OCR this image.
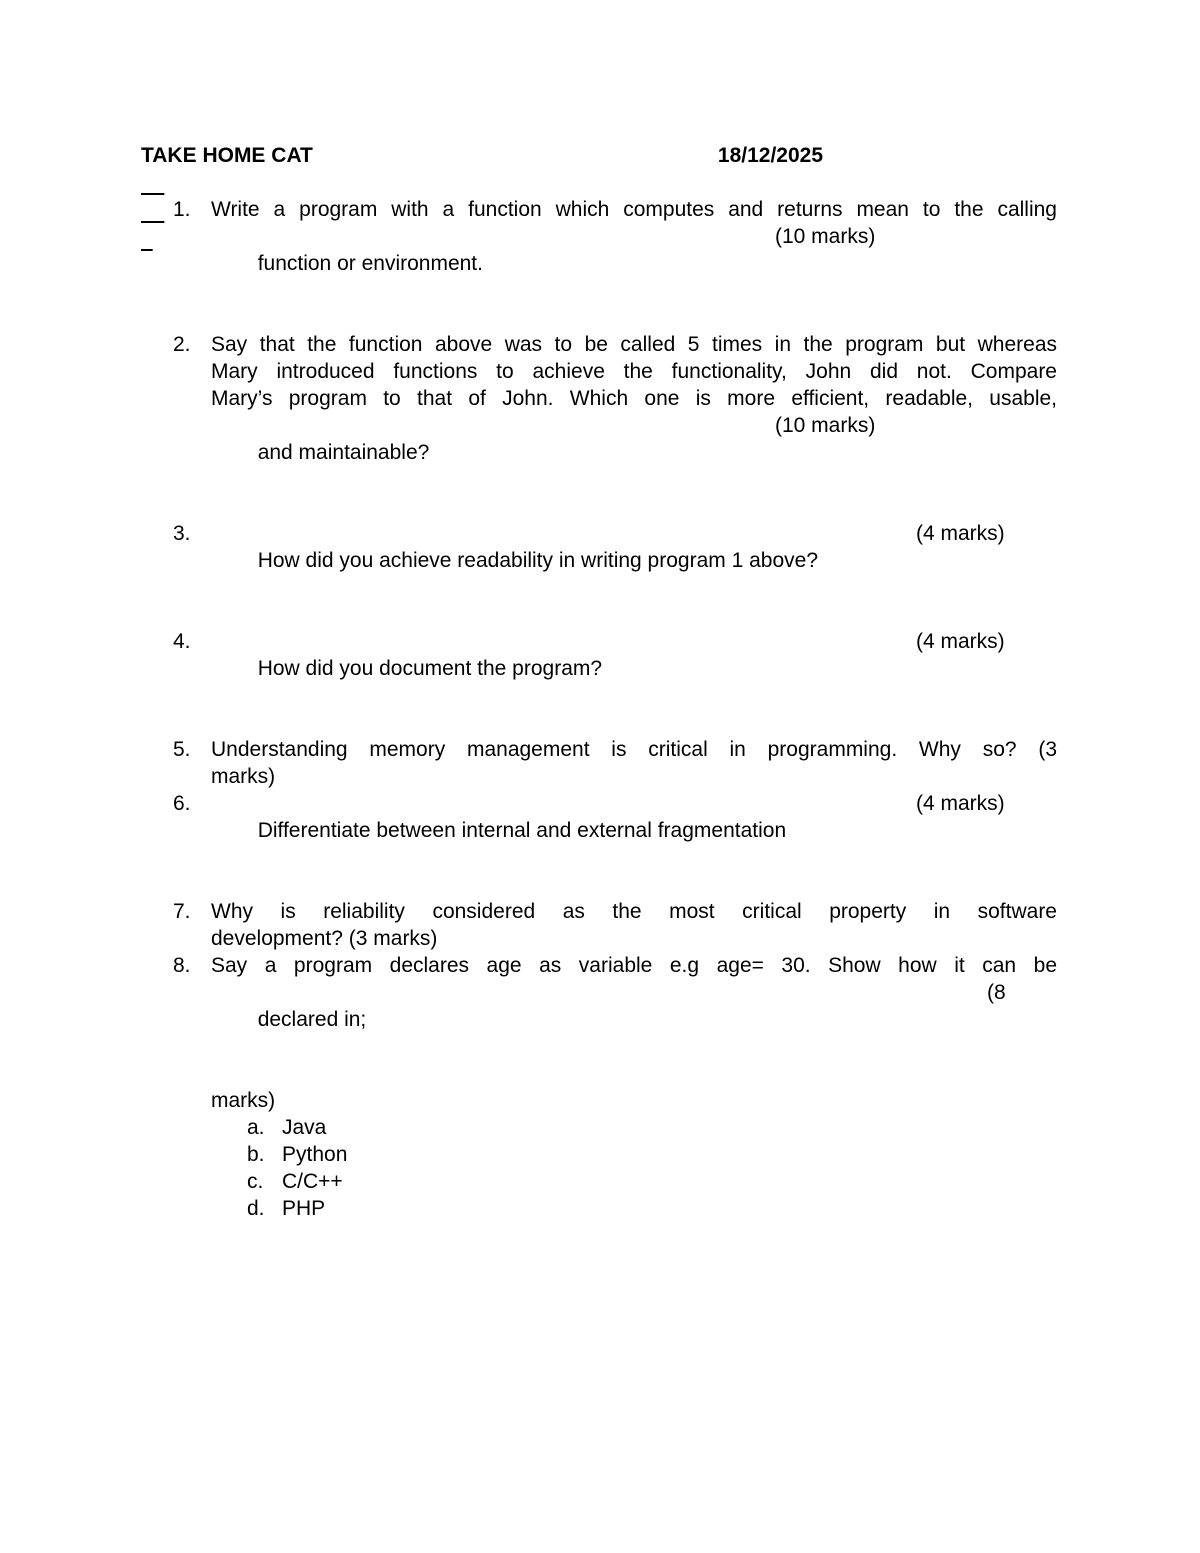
TAKE HOME CAT

	18/12/2025

1. Write a program with a function which computes and returns mean to the calling

function or environment.

(10 marks)

2. Say that the function above was to be called 5 times in the program but whereas
Mary introduced functions to achieve the functionality, John did not. Compare
Mary’s program to that of John. Which one is more efficient, readable, usable,

and maintainable?

(10 marks)

3.

How did you achieve readability in writing program 1 above?

(4 marks)

4.

How did you document the program?

(4 marks)

5. Understanding memory management is critical in programming. Why so? (3
marks)
6.

Differentiate between internal and external fragmentation

(4 marks)

7. Why is reliability considered as the most critical property in software
development? (3 marks)
8. Say a program declares age as variable e.g age= 30. Show how it can be

declared in;

(8

marks)
a. Java
b. Python
c. C/C++
d. PHP
